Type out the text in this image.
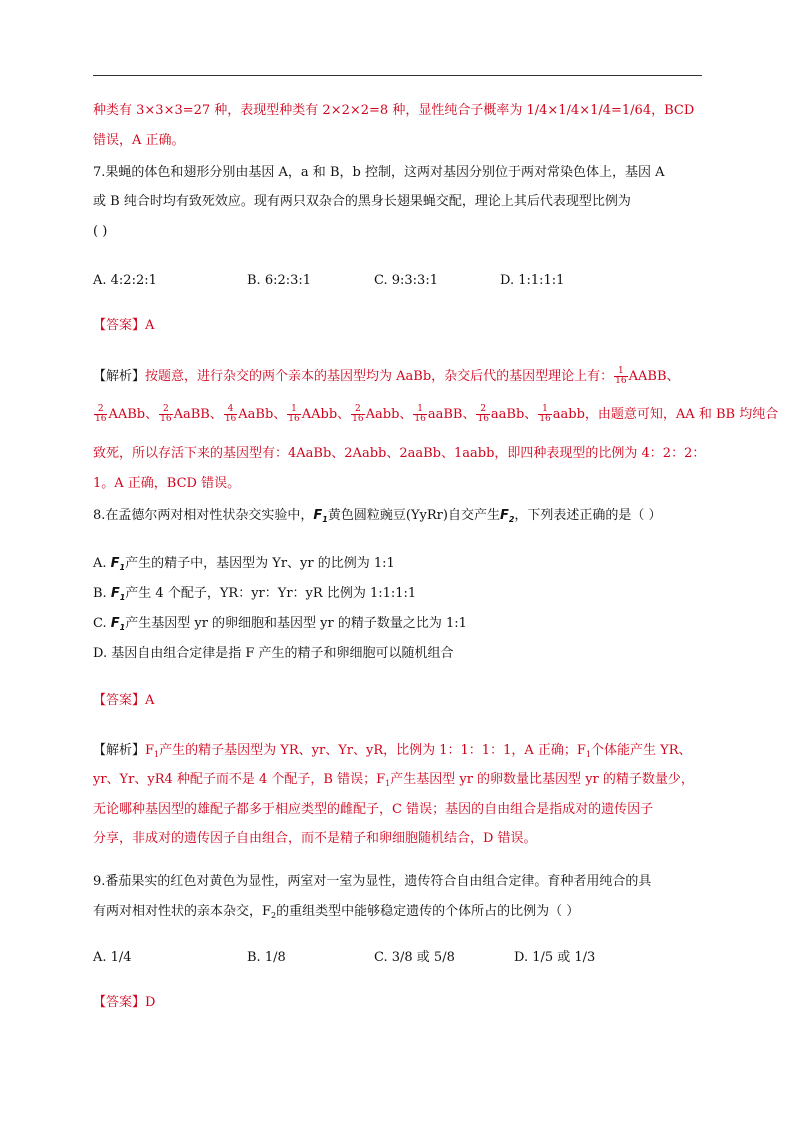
种类有 3×3×3=27 种，表现型种类有 2×2×2=8 种，显性纯合子概率为 1/4×1/4×1/4=1/64，BCD
错误，A 正确。
7.果蝇的体色和翅形分别由基因 A，a 和 B，b 控制，这两对基因分别位于两对常染色体上，基因 A
或 B 纯合时均有致死效应。现有两只双杂合的黑身长翅果蝇交配，理论上其后代表现型比例为
( )
A. 4:2:2:1	B. 6:2:3:1	C. 9:3:3:1	D. 1:1:1:1
【答案】A
【解析】按题意，进行杂交的两个亲本的基因型均为 AaBb，杂交后代的基因型理论上有： $\frac{1}{16}$ AABB、
$\frac{2}{16}$ AABb、 $\frac{2}{16}$ AaBB、 $\frac{4}{16}$ AaBb、 $\frac{1}{16}$ AAbb、 $\frac{2}{16}$ Aabb、 $\frac{1}{16}$ aaBB、 $\frac{2}{16}$ aaBb、 $\frac{1}{16}$ aabb，由题意可知，AA 和 BB 均纯合
致死，所以存活下来的基因型有：4AaBb、2Aabb、2aaBb、1aabb，即四种表现型的比例为 4：2：2：
1。A 正确，BCD 错误。
8.在孟德尔两对相对性状杂交实验中，$F_1$黄色圆粒豌豆(YyRr)自交产生$F_2$，下列表述正确的是（ ）
A. $F_1$产生的精子中，基因型为 Yr、yr 的比例为 1:1
B. $F_1$产生 4 个配子，YR：yr：Yr：yR 比例为 1:1:1:1
C. $F_1$产生基因型 yr 的卵细胞和基因型 yr 的精子数量之比为 1:1
D. 基因自由组合定律是指 F 产生的精子和卵细胞可以随机组合
【答案】A
【解析】$F_1$产生的精子基因型为 YR、yr、Yr、yR，比例为 1：1：1：1，A 正确；$F_1$个体能产生 YR、
yr、Yr、yR4 种配子而不是 4 个配子，B 错误；$F_1$产生基因型 yr 的卵数量比基因型 yr 的精子数量少，
无论哪种基因型的雄配子都多于相应类型的雌配子，C 错误；基因的自由组合是指成对的遗传因子
分享，非成对的遗传因子自由组合，而不是精子和卵细胞随机结合，D 错误。
9.番茄果实的红色对黄色为显性，两室对一室为显性，遗传符合自由组合定律。育种者用纯合的具
有两对相对性状的亲本杂交，$F_2$的重组类型中能够稳定遗传的个体所占的比例为（ ）
A. 1/4	B. 1/8	C. 3/8 或 5/8	D. 1/5 或 1/3
【答案】D
